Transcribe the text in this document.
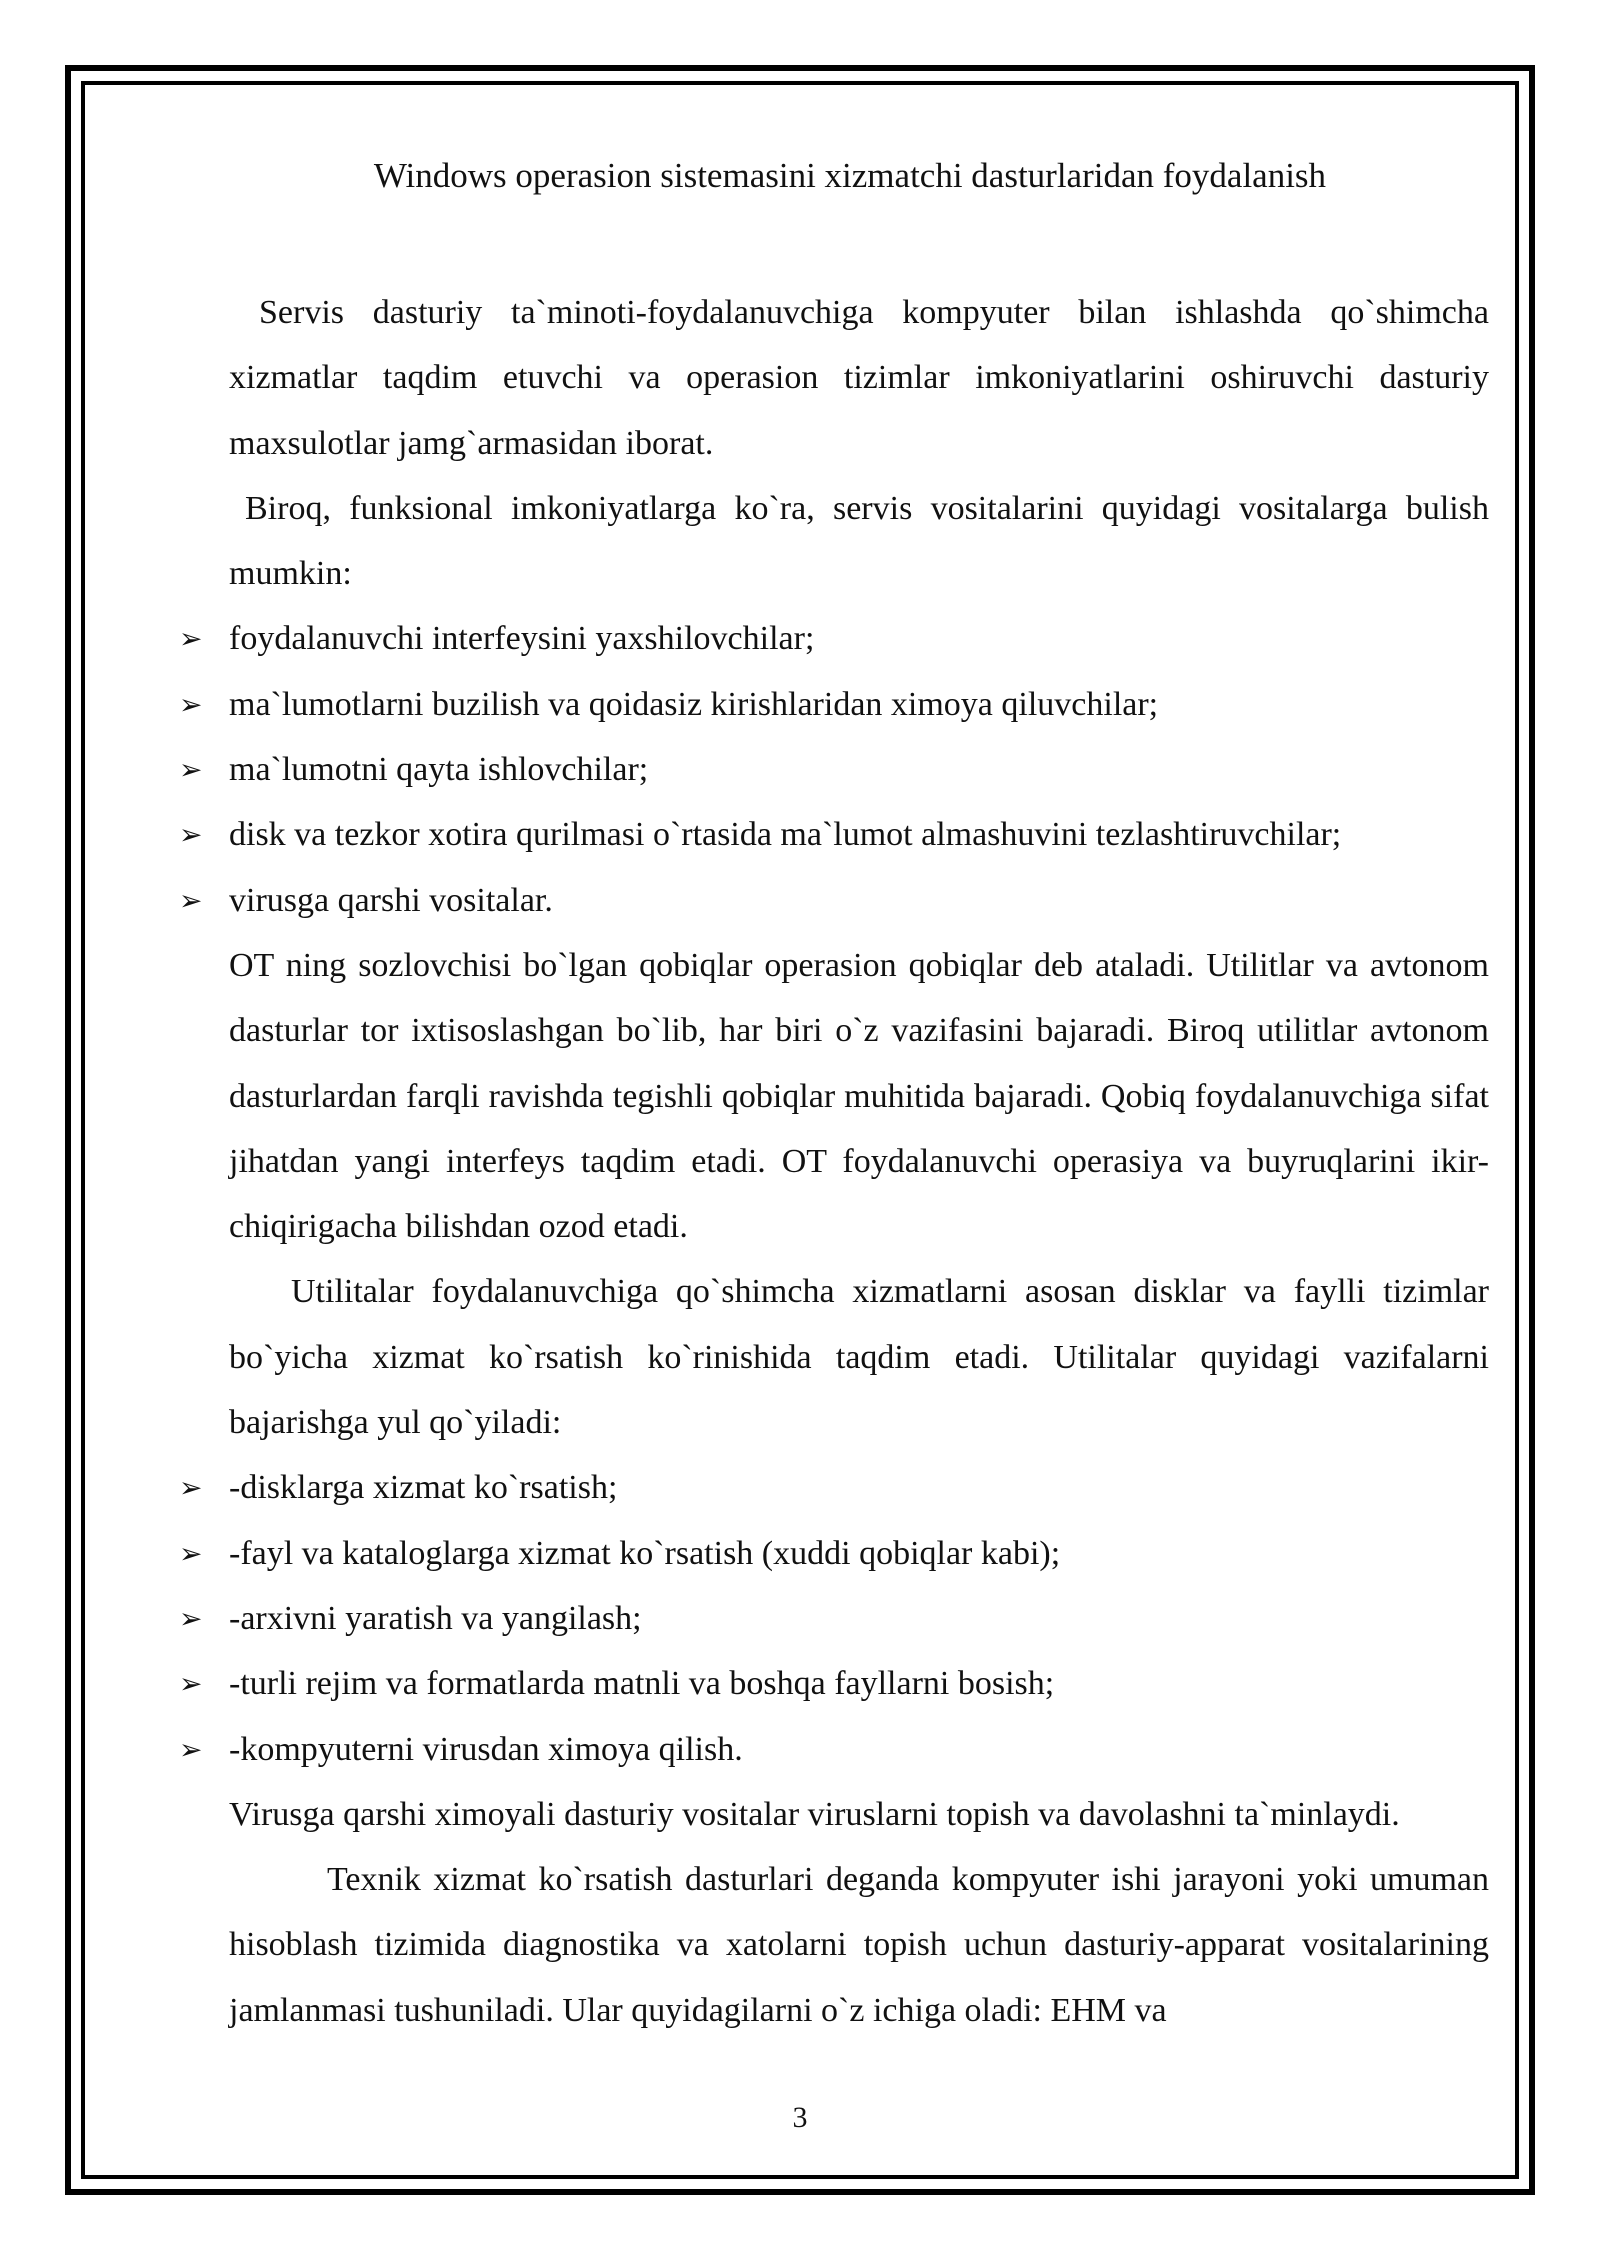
Windows operasion sistemasini xizmatchi dasturlaridan foydalanish

Servis dasturiy ta`minoti-foydalanuvchiga kompyuter bilan ishlashda qo`shimcha xizmatlar taqdim etuvchi va operasion tizimlar imkoniyatlarini oshiruvchi dasturiy maxsulotlar jamg`armasidan iborat.

Biroq, funksional imkoniyatlarga ko`ra, servis vositalarini quyidagi vositalarga bulish mumkin:

➢ foydalanuvchi interfeysini yaxshilovchilar;
➢ ma`lumotlarni buzilish va qoidasiz kirishlaridan ximoya qiluvchilar;
➢ ma`lumotni qayta ishlovchilar;
➢ disk va tezkor xotira qurilmasi o`rtasida ma`lumot almashuvini tezlashtiruvchilar;
➢ virusga qarshi vositalar.

OT ning sozlovchisi bo`lgan qobiqlar operasion qobiqlar deb ataladi. Utilitlar va avtonom dasturlar tor ixtisoslashgan bo`lib, har biri o`z vazifasini bajaradi. Biroq utilitlar avtonom dasturlardan farqli ravishda tegishli qobiqlar muhitida bajaradi. Qobiq foydalanuvchiga sifat jihatdan yangi interfeys taqdim etadi. OT foydalanuvchi operasiya va buyruqlarini ikir-chiqirigacha bilishdan ozod etadi.

Utilitalar foydalanuvchiga qo`shimcha xizmatlarni asosan disklar va faylli tizimlar bo`yicha xizmat ko`rsatish ko`rinishida taqdim etadi. Utilitalar quyidagi vazifalarni bajarishga yul qo`yiladi:

➢ -disklarga xizmat ko`rsatish;
➢ -fayl va kataloglarga xizmat ko`rsatish (xuddi qobiqlar kabi);
➢ -arxivni yaratish va yangilash;
➢ -turli rejim va formatlarda matnli va boshqa fayllarni bosish;
➢ -kompyuterni virusdan ximoya qilish.

Virusga qarshi ximoyali dasturiy vositalar viruslarni topish va davolashni ta`minlaydi.

Texnik xizmat ko`rsatish dasturlari deganda kompyuter ishi jarayoni yoki umuman hisoblash tizimida diagnostika va xatolarni topish uchun dasturiy-apparat vositalarining jamlanmasi tushuniladi. Ular quyidagilarni o`z ichiga oladi: EHM va

3
